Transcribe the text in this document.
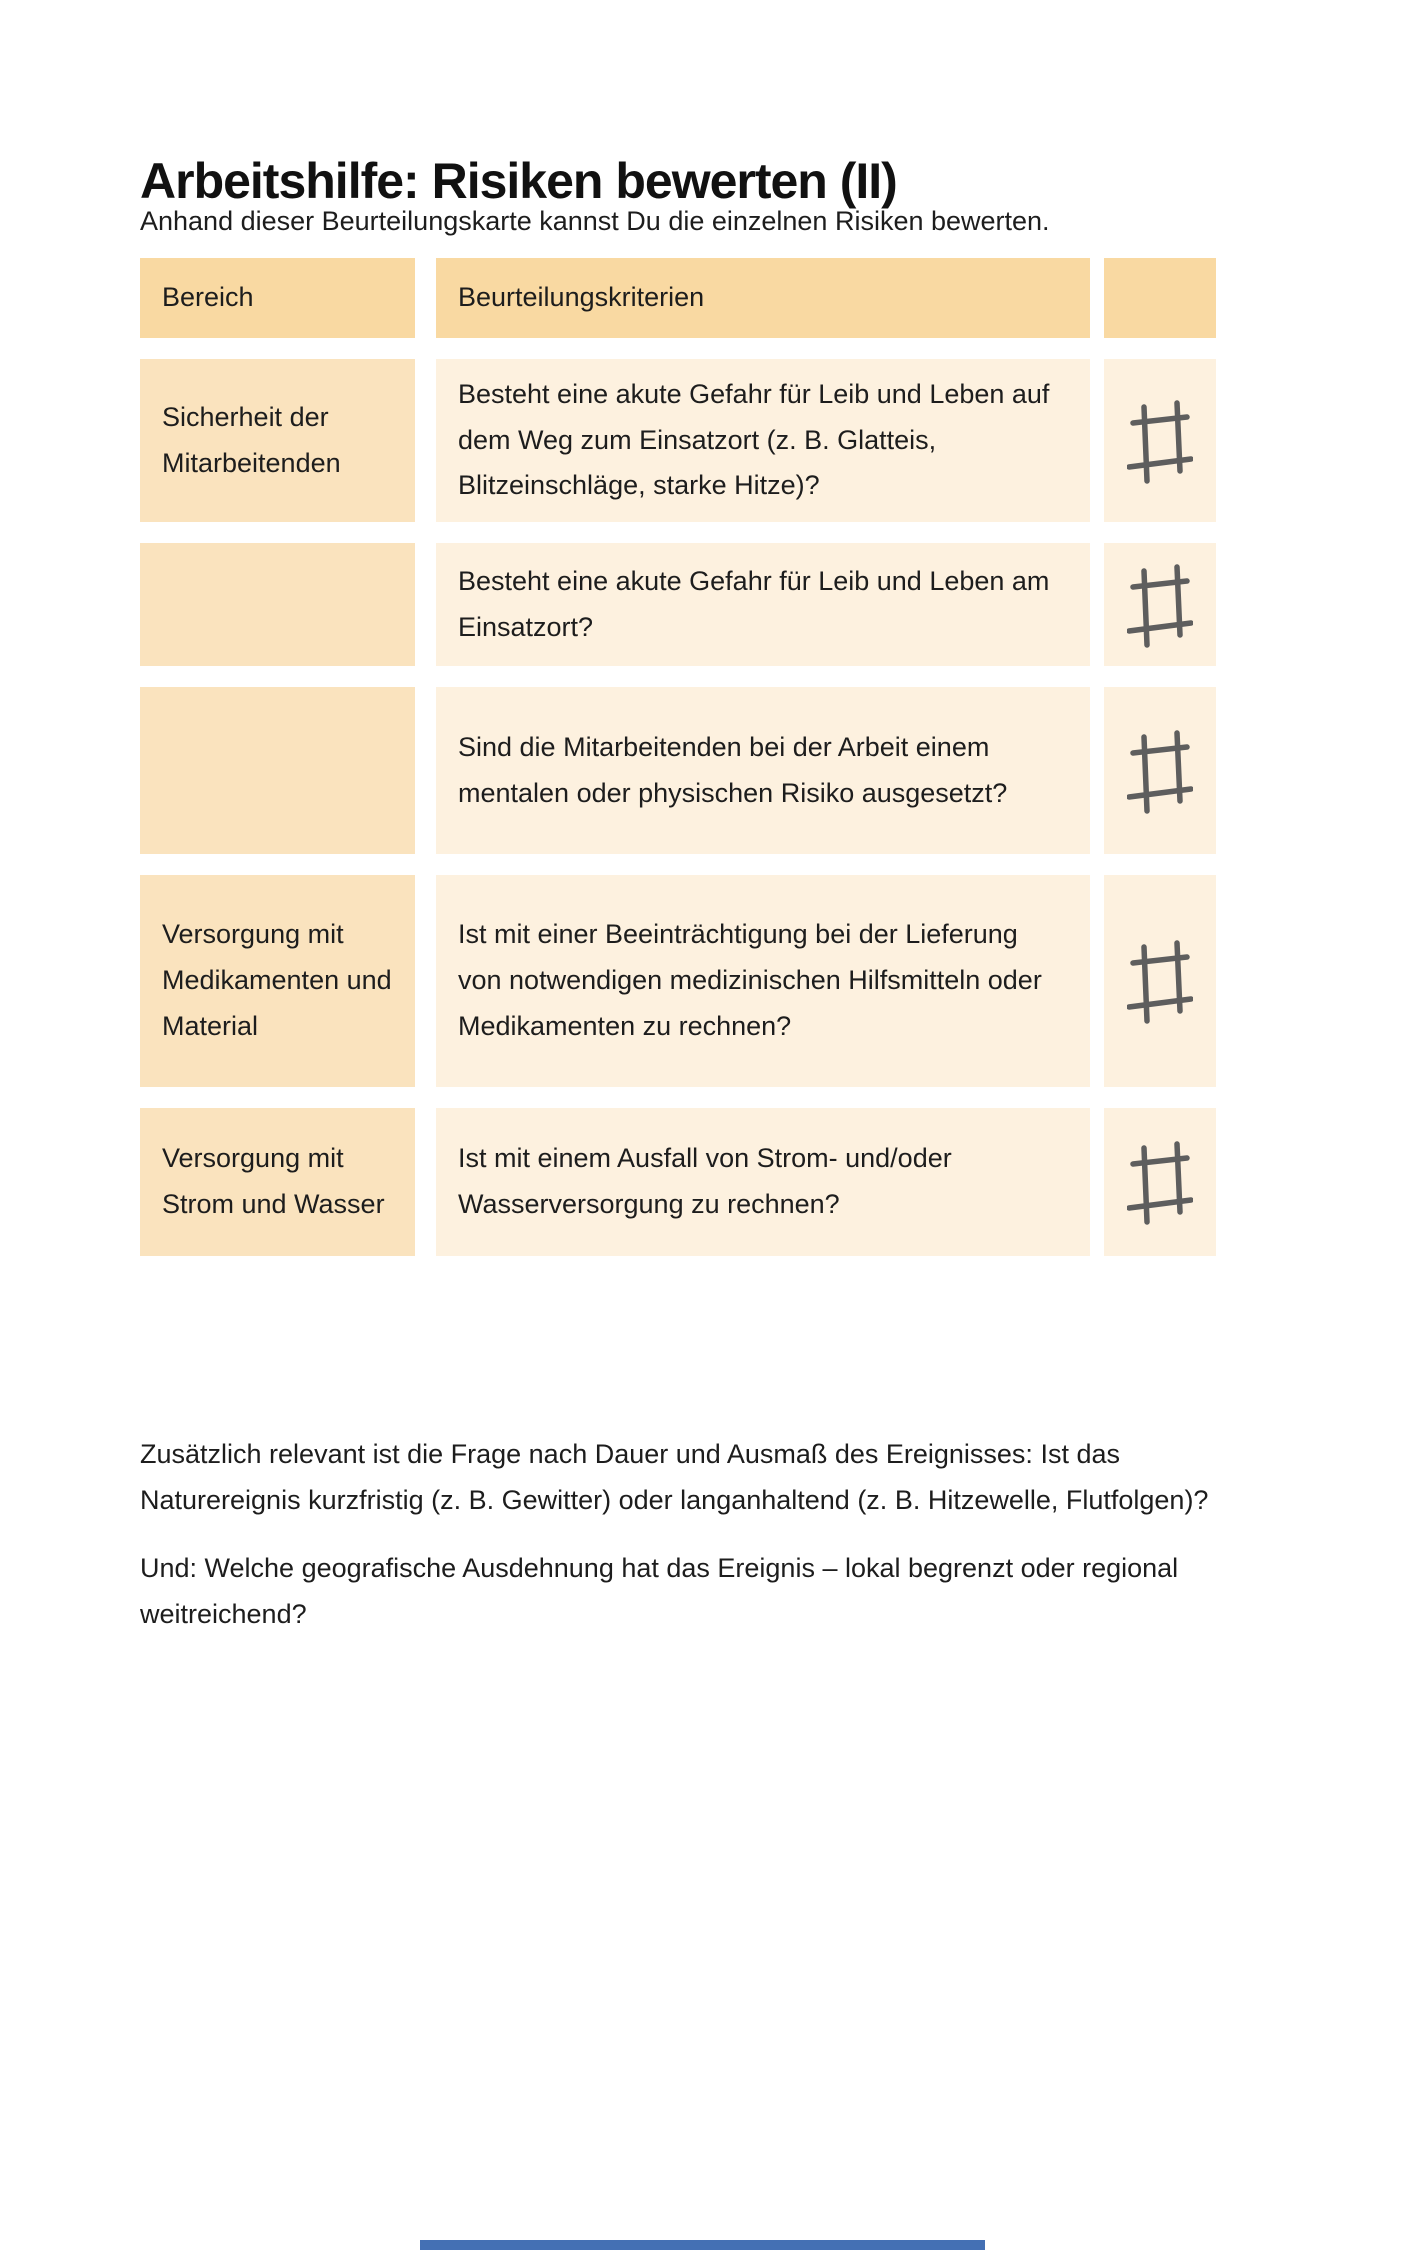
Arbeitshilfe: Risiken bewerten (II)
Anhand dieser Beurteilungskarte kannst Du die einzelnen Risiken bewerten.
Bereich	Beurteilungskriterien
Sicherheit der Mitarbeitenden
Besteht eine akute Gefahr für Leib und Leben auf dem Weg zum Einsatzort (z. B. Glatteis, Blitzeinschläge, starke Hitze)?
Besteht eine akute Gefahr für Leib und Leben am Einsatzort?
Sind die Mitarbeitenden bei der Arbeit einem mentalen oder physischen Risiko ausgesetzt?
Versorgung mit Medikamenten und Material
Ist mit einer Beeinträchtigung bei der Lieferung von notwendigen medizinischen Hilfsmitteln oder Medikamenten zu rechnen?
Versorgung mit Strom und Wasser
Ist mit einem Ausfall von Strom- und/oder Wasserversorgung zu rechnen?

Zusätzlich relevant ist die Frage nach Dauer und Ausmaß des Ereignisses: Ist das Naturereignis kurzfristig (z. B. Gewitter) oder langanhaltend (z. B. Hitzewelle, Flutfolgen)?

Und: Welche geografische Ausdehnung hat das Ereignis – lokal begrenzt oder regional weitreichend?
